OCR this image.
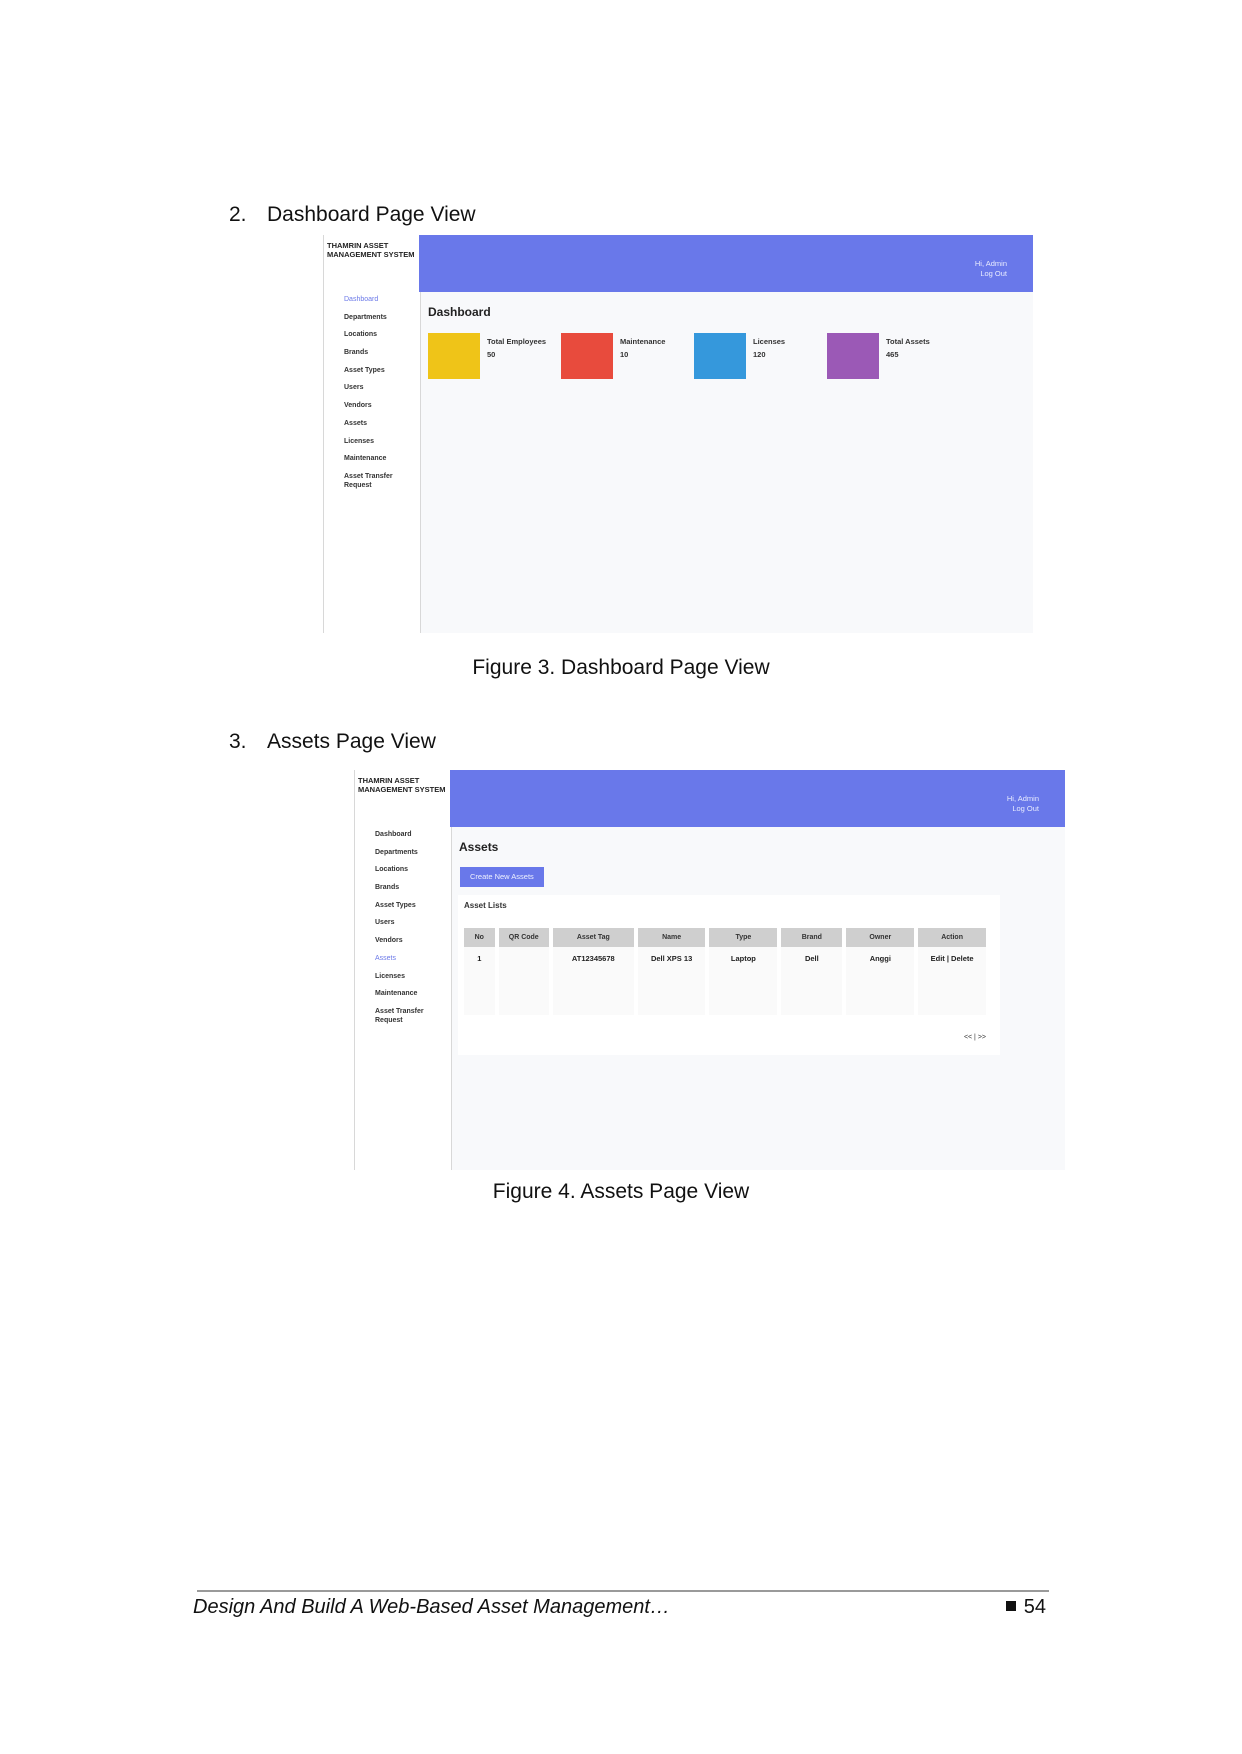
2. Dashboard Page View
THAMRIN ASSET MANAGEMENT SYSTEM
Dashboard
Departments
Locations
Brands
Asset Types
Users
Vendors
Assets
Licenses
Maintenance
Asset Transfer Request
Hi, Admin
Log Out
Dashboard
Total Employees
50
Maintenance
10
Licenses
120
Total Assets
465
Figure 3. Dashboard Page View
3. Assets Page View
THAMRIN ASSET MANAGEMENT SYSTEM
Dashboard
Departments
Locations
Brands
Asset Types
Users
Vendors
Assets
Licenses
Maintenance
Asset Transfer Request
Hi, Admin
Log Out
Assets
Create New Assets
Asset Lists
No	QR Code	Asset Tag	Name	Type	Brand	Owner	Action
1		AT12345678	Dell XPS 13	Laptop	Dell	Anggi	Edit | Delete
<< | >>
Figure 4. Assets Page View
Design And Build A Web-Based Asset Management…	54
